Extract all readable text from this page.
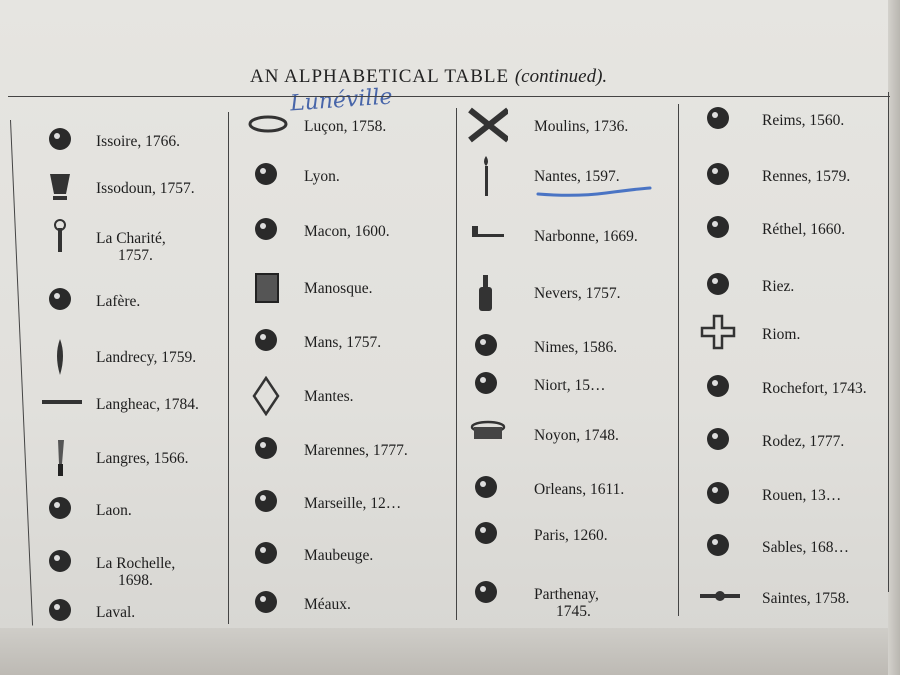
AN ALPHABETICAL TABLE (continued).
Lunéville
Issoire, 1766.
Issodoun, 1757.
La Charité,
1757.
Lafère.
Landrecy, 1759.
Langheac, 1784.
Langres, 1566.
Laon.
La Rochelle,
1698.
Laval.
Luçon, 1758.
Lyon.
Macon, 1600.
Manosque.
Mans, 1757.
Mantes.
Marennes, 1777.
Marseille, 12…
Maubeuge.
Méaux.
Moulins, 1736.
Nantes, 1597.
Narbonne, 1669.
Nevers, 1757.
Nimes, 1586.
Niort, 15…
Noyon, 1748.
Orleans, 1611.
Paris, 1260.
Parthenay,
1745.
Reims, 1560.
Rennes, 1579.
Réthel, 1660.
Riez.
Riom.
Rochefort, 1743.
Rodez, 1777.
Rouen, 13…
Sables, 168…
Saintes, 1758.
